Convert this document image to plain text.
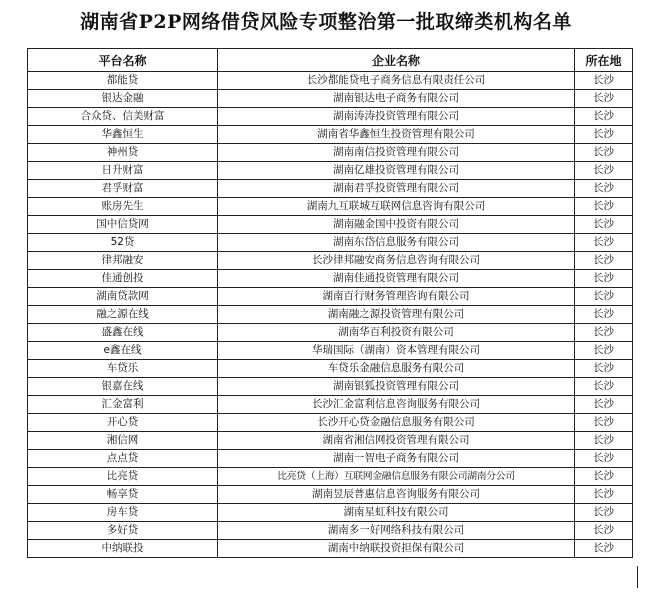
湖南省P2P网络借贷风险专项整治第一批取缔类机构名单
平台名称	企业名称	所在地
都能贷	长沙都能贷电子商务信息有限责任公司	长沙
银达金融	湖南银达电子商务有限公司	长沙
合众贷、信美财富	湖南涛涛投资管理有限公司	长沙
华鑫恒生	湖南省华鑫恒生投资管理有限公司	长沙
神州贷	湖南南信投资管理有限公司	长沙
日升财富	湖南亿雄投资管理有限公司	长沙
君孚财富	湖南君孚投资管理有限公司	长沙
账房先生	湖南九互联城互联网信息咨询有限公司	长沙
国中信贷网	湖南融金国中投资有限公司	长沙
52贷	湖南东岱信息服务有限公司	长沙
律邦融安	长沙律邦融安商务信息咨询有限公司	长沙
佳通创投	湖南佳通投资管理有限公司	长沙
湖南贷款网	湖南百行财务管理咨询有限公司	长沙
融之源在线	湖南融之源投资管理有限公司	长沙
盛鑫在线	湖南华百利投资有限公司	长沙
e鑫在线	华瑞国际（湖南）资本管理有限公司	长沙
车贷乐	车贷乐金融信息服务有限公司	长沙
银嘉在线	湖南银狐投资管理有限公司	长沙
汇金富利	长沙汇金富利信息咨询服务有限公司	长沙
开心贷	长沙开心贷金融信息服务有限公司	长沙
湘信网	湖南省湘信网投资管理有限公司	长沙
点点贷	湖南一智电子商务有限公司	长沙
比亮贷	比亮贷（上海）互联网金融信息服务有限公司湖南分公司	长沙
畅享贷	湖南昱辰普惠信息咨询服务有限公司	长沙
房车贷	湖南星虹科技有限公司	长沙
多好贷	湖南多一好网络科技有限公司	长沙
中纳联投	湖南中纳联投资担保有限公司	长沙
